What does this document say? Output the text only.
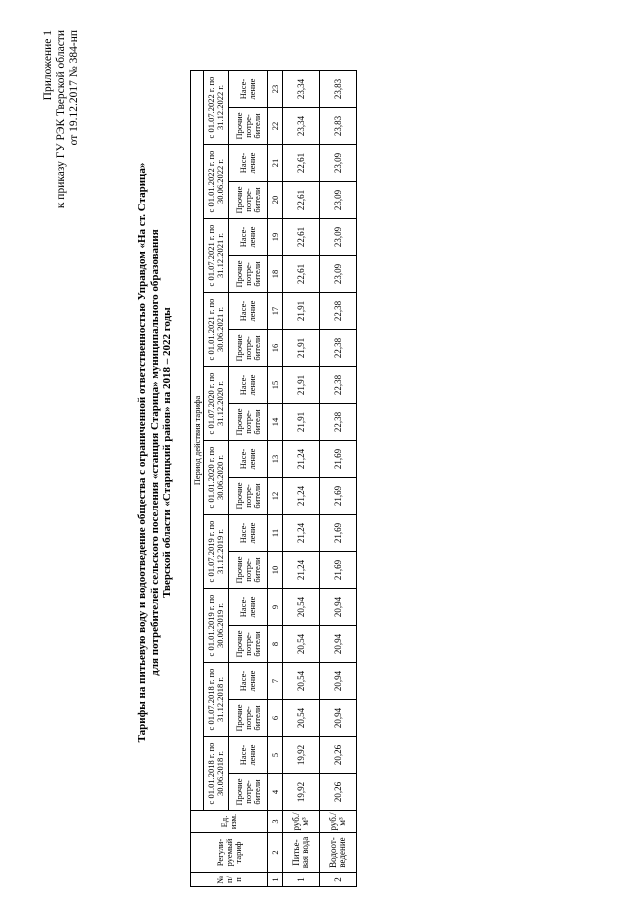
Приложение 1 к приказу ГУ РЭК Тверской области от 19.12.2017 № 384-нп
Тарифы на питьевую воду и водоотведение общества с ограниченной ответственностью Управдом «На ст. Старица» для потребителей сельского поселения «станция Старица» муниципального образования Тверской области «Старицкий район» на 2018 – 2022 годы
№ п/п	Регули-руемый тариф	Ед. изм.	Период действия тарифа																			
			с 01.01.2018 г. по 30.06.2018 г.		с 01.07.2018 г. по 31.12.2018 г.		с 01.01.2019 г. по 30.06.2019 г.		с 01.07.2019 г. по 31.12.2019 г.		с 01.01.2020 г. по 30.06.2020 г.		с 01.07.2020 г. по 31.12.2020 г.		с 01.01.2021 г. по 30.06.2021 г.		с 01.07.2021 г. по 31.12.2021 г.		с 01.01.2022 г. по 30.06.2022 г.		с 01.07.2022 г. по 31.12.2022 г.	
			Прочие потре-бители	Насе-ление	Прочие потре-бители	Насе-ление	Прочие потре-бители	Насе-ление	Прочие потре-бители	Насе-ление	Прочие потре-бители	Насе-ление	Прочие потре-бители	Насе-ление	Прочие потре-бители	Насе-ление	Прочие потре-бители	Насе-ление	Прочие потре-бители	Насе-ление	Прочие потре-бители	Насе-ление
1	2	3	4	5	6	7	8	9	10	11	12	13	14	15	16	17	18	19	20	21	22	23
1	Питье-вая вода	руб./м³	19,92	19,92	20,54	20,54	20,54	20,54	21,24	21,24	21,24	21,24	21,91	21,91	21,91	21,91	22,61	22,61	22,61	22,61	23,34	23,34
2	Водоот-ведение	руб./м³	20,26	20,26	20,94	20,94	20,94	20,94	21,69	21,69	21,69	21,69	22,38	22,38	22,38	22,38	23,09	23,09	23,09	23,09	23,83	23,83
